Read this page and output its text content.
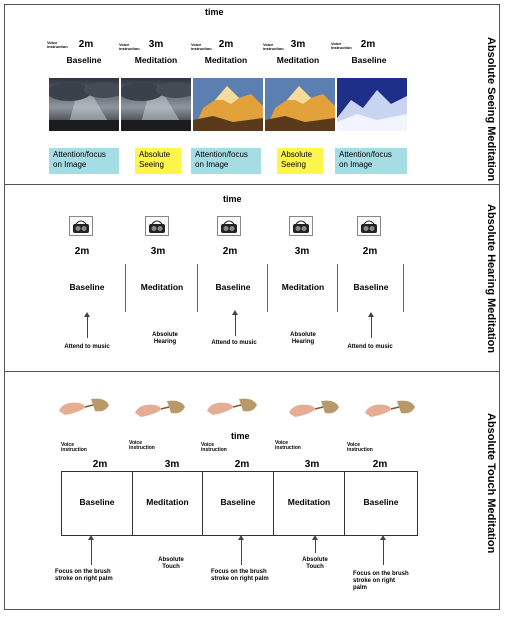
time
Absolute Seeing Meditation
Voice instruction	Voice instruction
Voice instruction
Voice instruction
Voice instruction
2m	3m	2m	3m	2m
Baseline	Meditation	Meditation	Meditation	Baseline
Attention/focus on Image
Absolute Seeing
Attention/focus on Image
Absolute Seeing
Attention/focus on Image
time
Absolute Hearing Meditation
2m	3m	2m	3m	2m
Baseline	Meditation	Baseline	Meditation	Baseline
Attend to music
Absolute Hearing	Attend to music
Absolute Hearing
Attend to music
Absolute Touch Meditation
time
Voice instruction
Voice instruction	Voice instruction
Voice instruction	Voice instruction
2m	3m	2m	3m	2m
Baseline	Meditation	Baseline	Meditation	Baseline
Focus on the brush stroke on right palm
Absolute Touch
Focus on the brush stroke on right palm
Absolute Touch
Focus on the brush stroke on right palm
